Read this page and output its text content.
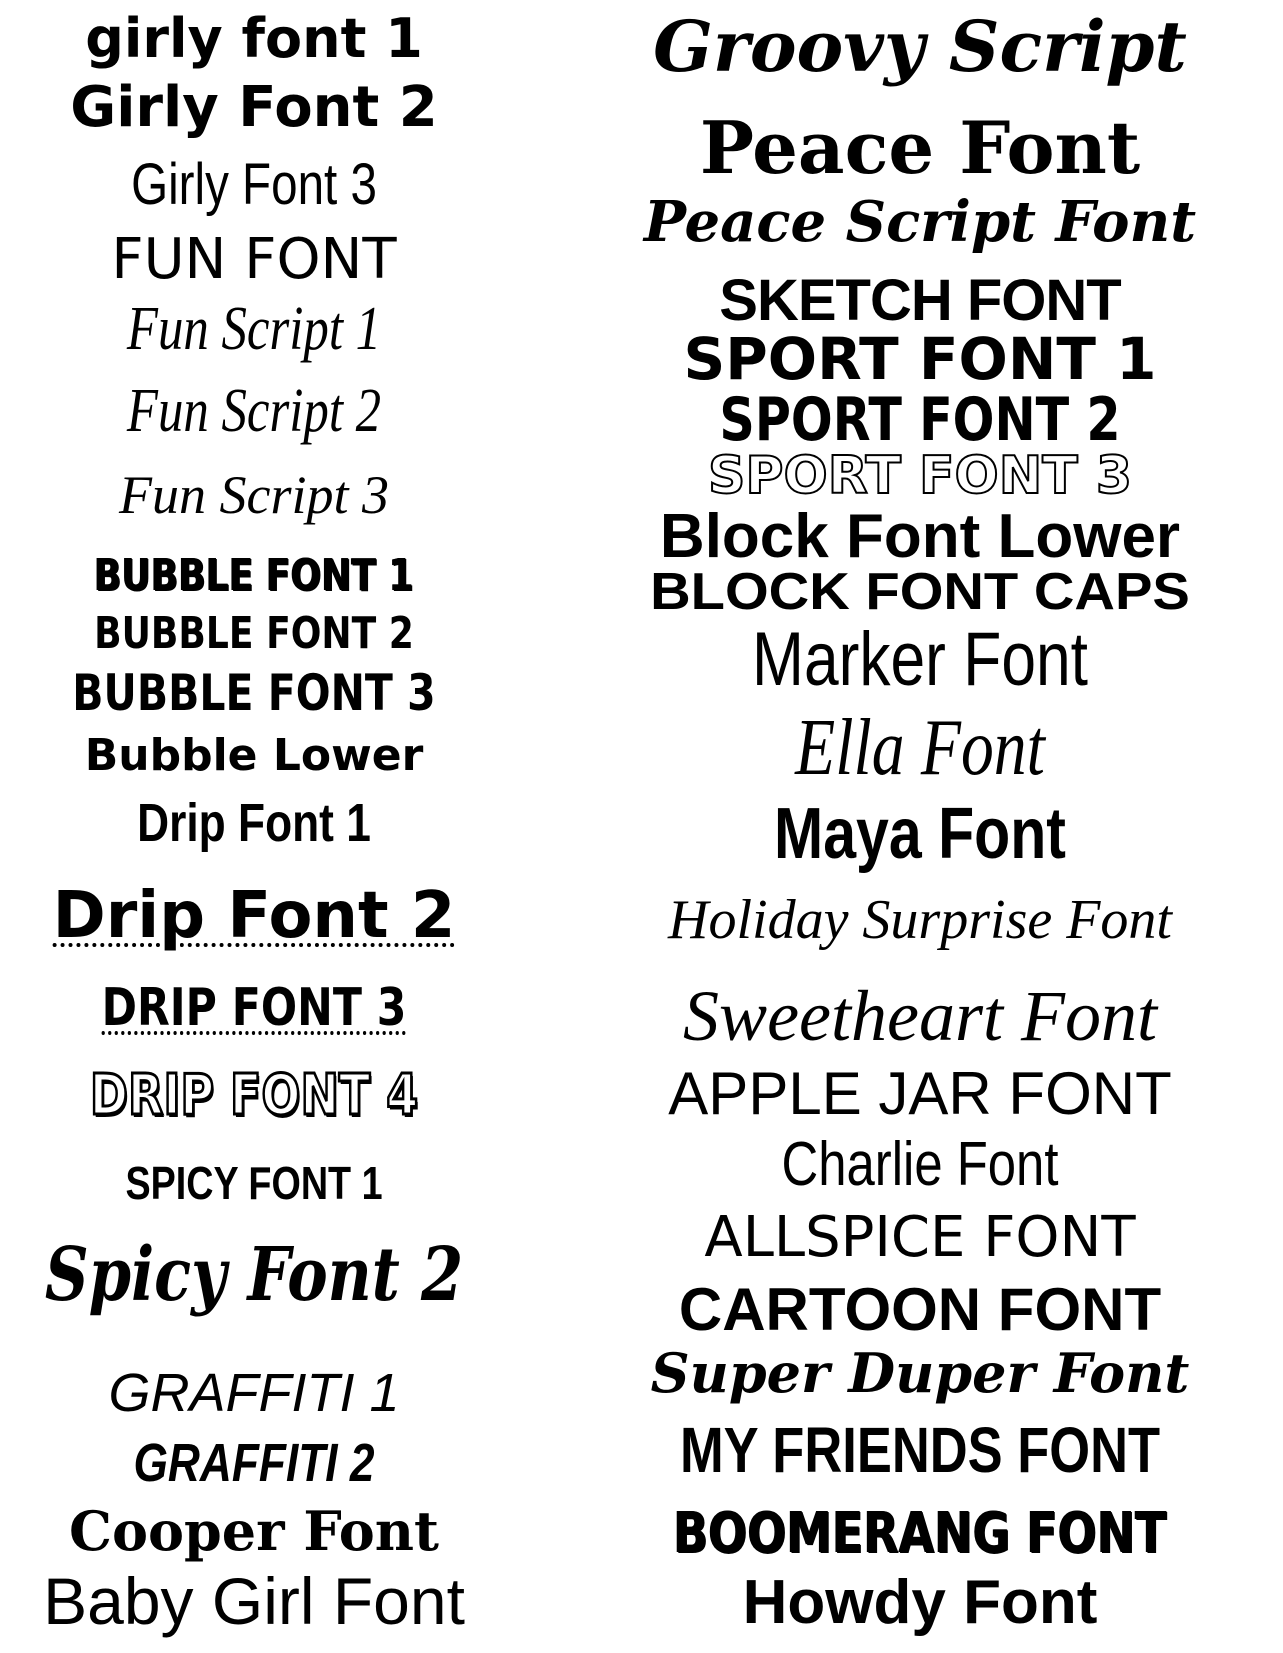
girly font 1
Girly Font 2
Girly Font 3
FUN FONT
Fun Script 1
Fun Script 2
Fun Script 3
BUBBLE FONT 1
BUBBLE FONT 2
BUBBLE FONT 3
Bubble Lower
Drip Font 1
Drip Font 2
DRIP FONT 3
DRIP FONT 4
SPICY FONT 1
Spicy Font 2
GRAFFITI 1
GRAFFITI 2
Cooper Font
Baby Girl Font
Groovy Script
Peace Font
Peace Script Font
SKETCH FONT
SPORT FONT 1
SPORT FONT 2
SPORT FONT 3
Block Font Lower
BLOCK FONT CAPS
Marker Font
Ella Font
Maya Font
Holiday Surprise Font
Sweetheart Font
APPLE JAR FONT
Charlie Font
ALLSPICE FONT
CARTOON FONT
Super Duper Font
MY FRIENDS FONT
BOOMERANG FONT
Howdy Font
